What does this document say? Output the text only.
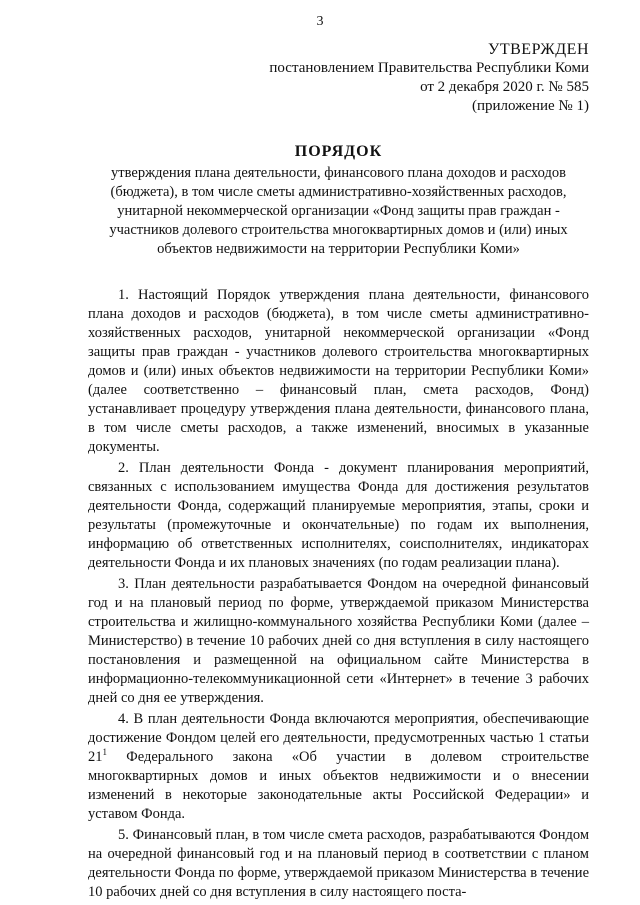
3
УТВЕРЖДЕН
постановлением Правительства Республики Коми
от 2 декабря 2020 г. № 585
(приложение № 1)
ПОРЯДОК
утверждения плана деятельности, финансового плана доходов и расходов
(бюджета), в том числе сметы административно-хозяйственных расходов,
унитарной некоммерческой организации «Фонд защиты прав граждан -
участников долевого строительства многоквартирных домов и (или) иных
объектов недвижимости на территории Республики Коми»

1. Настоящий Порядок утверждения плана деятельности, финансового плана доходов и расходов (бюджета), в том числе сметы административно-хозяйственных расходов, унитарной некоммерческой организации «Фонд защиты прав граждан - участников долевого строительства многоквартирных домов и (или) иных объектов недвижимости на территории Республики Коми» (далее соответственно – финансовый план, смета расходов, Фонд) устанавливает процедуру утверждения плана деятельности, финансового плана, в том числе сметы расходов, а также изменений, вносимых в указанные документы.

2. План деятельности Фонда - документ планирования мероприятий, связанных с использованием имущества Фонда для достижения результатов деятельности Фонда, содержащий планируемые мероприятия, этапы, сроки и результаты (промежуточные и окончательные) по годам их выполнения, информацию об ответственных исполнителях, соисполнителях, индикаторах деятельности Фонда и их плановых значениях (по годам реализации плана).

3. План деятельности разрабатывается Фондом на очередной финансовый год и на плановый период по форме, утверждаемой приказом Министерства строительства и жилищно-коммунального хозяйства Республики Коми (далее – Министерство) в течение 10 рабочих дней со дня вступления в силу настоящего постановления и размещенной на официальном сайте Министерства в информационно-телекоммуникационной сети «Интернет» в течение 3 рабочих дней со дня ее утверждения.

4. В план деятельности Фонда включаются мероприятия, обеспечивающие достижение Фондом целей его деятельности, предусмотренных частью 1 статьи $21^1$ Федерального закона «Об участии в долевом строительстве многоквартирных домов и иных объектов недвижимости и о внесении изменений в некоторые законодательные акты Российской Федерации» и уставом Фонда.

5. Финансовый план, в том числе смета расходов, разрабатываются Фондом на очередной финансовый год и на плановый период в соответствии с планом деятельности Фонда по форме, утверждаемой приказом Министерства в течение 10 рабочих дней со дня вступления в силу настоящего поста-
